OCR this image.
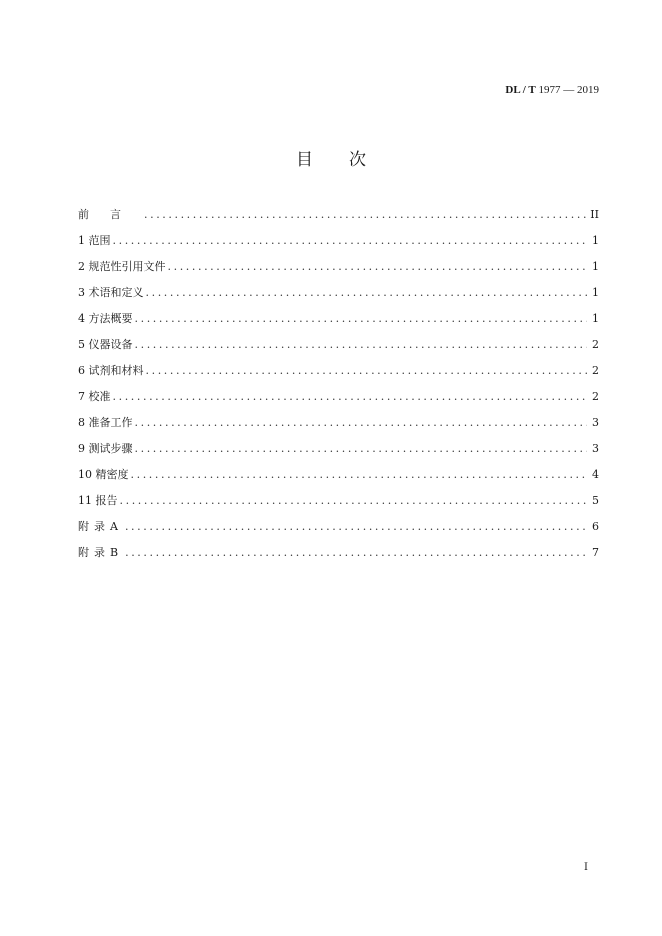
DL / T 1977 — 2019
目次
前言 .....	II
1 范围 .....	1
2 规范性引用文件 .....	1
3 术语和定义 .....	1
4 方法概要 .....	1
5 仪器设备 .....	2
6 试剂和材料 .....	2
7 校准 .....	2
8 准备工作 .....	3
9 测试步骤 .....	3
10 精密度 .....	4
11 报告 .....	5
附录A .....	6
附录B .....	7
I
